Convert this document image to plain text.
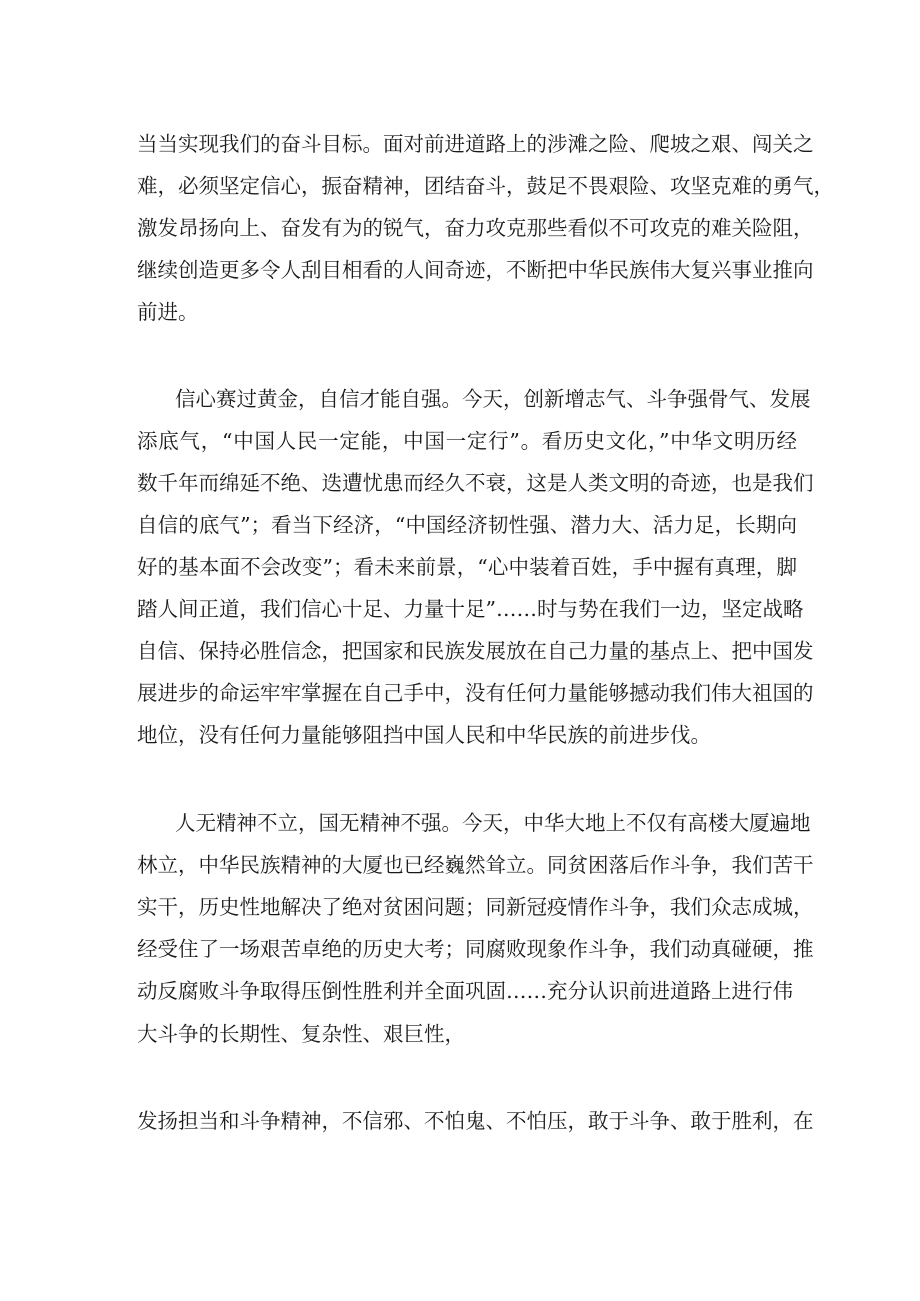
当当实现我们的奋斗目标。面对前进道路上的涉滩之险、爬坡之艰、闯关之
难，必须坚定信心，振奋精神，团结奋斗，鼓足不畏艰险、攻坚克难的勇气，
激发昂扬向上、奋发有为的锐气，奋力攻克那些看似不可攻克的难关险阻，
继续创造更多令人刮目相看的人间奇迹，不断把中华民族伟大复兴事业推向
前进。
信心赛过黄金，自信才能自强。今天，创新增志气、斗争强骨气、发展
添底气，“中国人民一定能，中国一定行”。看历史文化，”中华文明历经
数千年而绵延不绝、迭遭忧患而经久不衰，这是人类文明的奇迹，也是我们
自信的底气”；看当下经济，“中国经济韧性强、潜力大、活力足，长期向
好的基本面不会改变”；看未来前景，“心中装着百姓，手中握有真理，脚
踏人间正道，我们信心十足、力量十足”……时与势在我们一边，坚定战略
自信、保持必胜信念，把国家和民族发展放在自己力量的基点上、把中国发
展进步的命运牢牢掌握在自己手中，没有任何力量能够撼动我们伟大祖国的
地位，没有任何力量能够阻挡中国人民和中华民族的前进步伐。
人无精神不立，国无精神不强。今天，中华大地上不仅有高楼大厦遍地
林立，中华民族精神的大厦也已经巍然耸立。同贫困落后作斗争，我们苦干
实干，历史性地解决了绝对贫困问题；同新冠疫情作斗争，我们众志成城，
经受住了一场艰苦卓绝的历史大考；同腐败现象作斗争，我们动真碰硬，推
动反腐败斗争取得压倒性胜利并全面巩固……充分认识前进道路上进行伟
大斗争的长期性、复杂性、艰巨性，
发扬担当和斗争精神，不信邪、不怕鬼、不怕压，敢于斗争、敢于胜利，在
